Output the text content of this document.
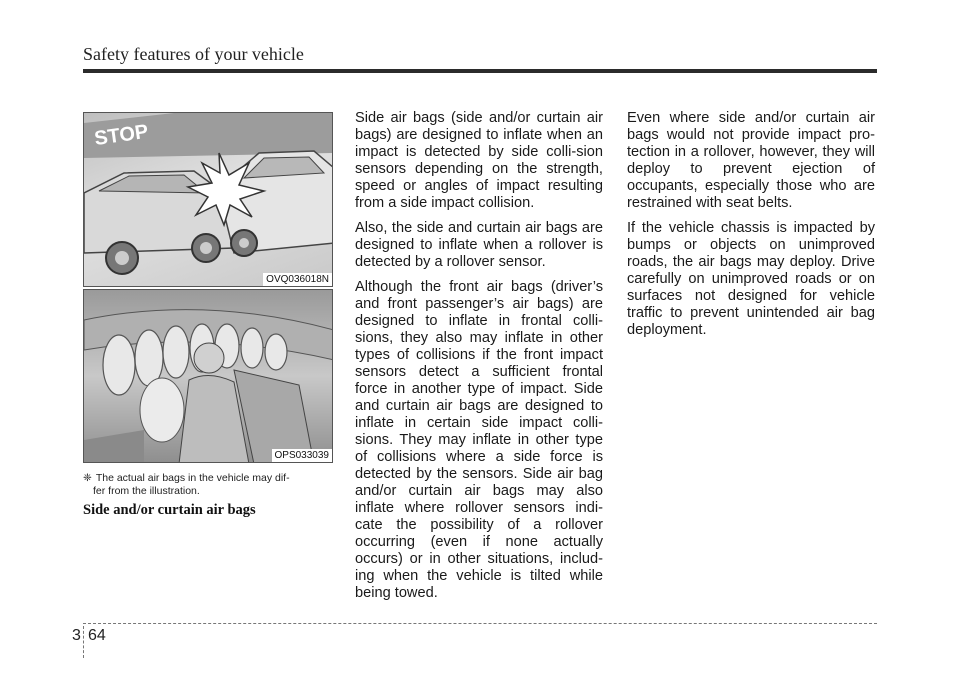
Safety features of your vehicle
STOP
OVQ036018N
OPS033039
❈ The actual air bags in the vehicle may dif-
fer from the illustration.
Side and/or curtain air bags

Side air bags (side and/or curtain air bags) are designed to inflate when an impact is detected by side colli-sion sensors depending on the strength, speed or angles of impact resulting from a side impact collision.

Also, the side and curtain air bags are designed to inflate when a rollover is detected by a rollover sensor.

Although the front air bags (driver’s and front passenger’s air bags) are designed to inflate in frontal colli-sions, they also may inflate in other types of collisions if the front impact sensors detect a sufficient frontal force in another type of impact. Side and curtain air bags are designed to inflate in certain side impact colli-sions. They may inflate in other type of collisions where a side force is detected by the sensors. Side air bag and/or curtain air bags may also inflate where rollover sensors indi-cate the possibility of a rollover occurring (even if none actually occurs) or in other situations, includ-ing when the vehicle is tilted while being towed.

Even where side and/or curtain air bags would not provide impact pro-tection in a rollover, however, they will deploy to prevent ejection of occupants, especially those who are restrained with seat belts.

If the vehicle chassis is impacted by bumps or objects on unimproved roads, the air bags may deploy. Drive carefully on unimproved roads or on surfaces not designed for vehicle traffic to prevent unintended air bag deployment.

3 64
